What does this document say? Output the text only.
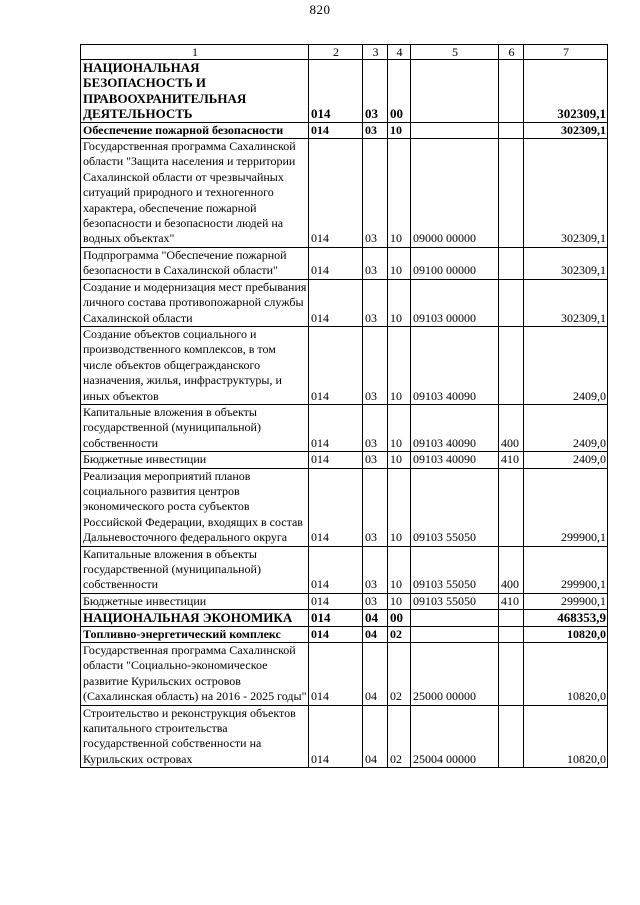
820
1	2	3	4	5	6	7
НАЦИОНАЛЬНАЯ БЕЗОПАСНОСТЬ И ПРАВООХРАНИТЕЛЬНАЯ ДЕЯТЕЛЬНОСТЬ	014	03	00			302309,1
Обеспечение пожарной безопасности	014	03	10			302309,1
Государственная программа Сахалинской области "Защита населения и территории Сахалинской области от чрезвычайных ситуаций природного и техногенного характера, обеспечение пожарной безопасности и безопасности людей на водных объектах"	014	03	10	09000 00000		302309,1
Подпрограмма "Обеспечение пожарной безопасности в Сахалинской области"	014	03	10	09100 00000		302309,1
Создание и модернизация мест пребывания личного состава противопожарной службы Сахалинской области	014	03	10	09103 00000		302309,1
Создание объектов социального и производственного комплексов, в том числе объектов общегражданского назначения, жилья, инфраструктуры, и иных объектов	014	03	10	09103 40090		2409,0
Капитальные вложения в объекты государственной (муниципальной) собственности	014	03	10	09103 40090	400	2409,0
Бюджетные инвестиции	014	03	10	09103 40090	410	2409,0
Реализация мероприятий планов социального развития центров экономического роста субъектов Российской Федерации, входящих в состав Дальневосточного федерального округа	014	03	10	09103 55050		299900,1
Капитальные вложения в объекты государственной (муниципальной) собственности	014	03	10	09103 55050	400	299900,1
Бюджетные инвестиции	014	03	10	09103 55050	410	299900,1
НАЦИОНАЛЬНАЯ ЭКОНОМИКА	014	04	00			468353,9
Топливно-энергетический комплекс	014	04	02			10820,0
Государственная программа Сахалинской области "Социально-экономическое развитие Курильских островов (Сахалинская область) на 2016 - 2025 годы"	014	04	02	25000 00000		10820,0
Строительство и реконструкция объектов капитального строительства государственной собственности на Курильских островах	014	04	02	25004 00000		10820,0
